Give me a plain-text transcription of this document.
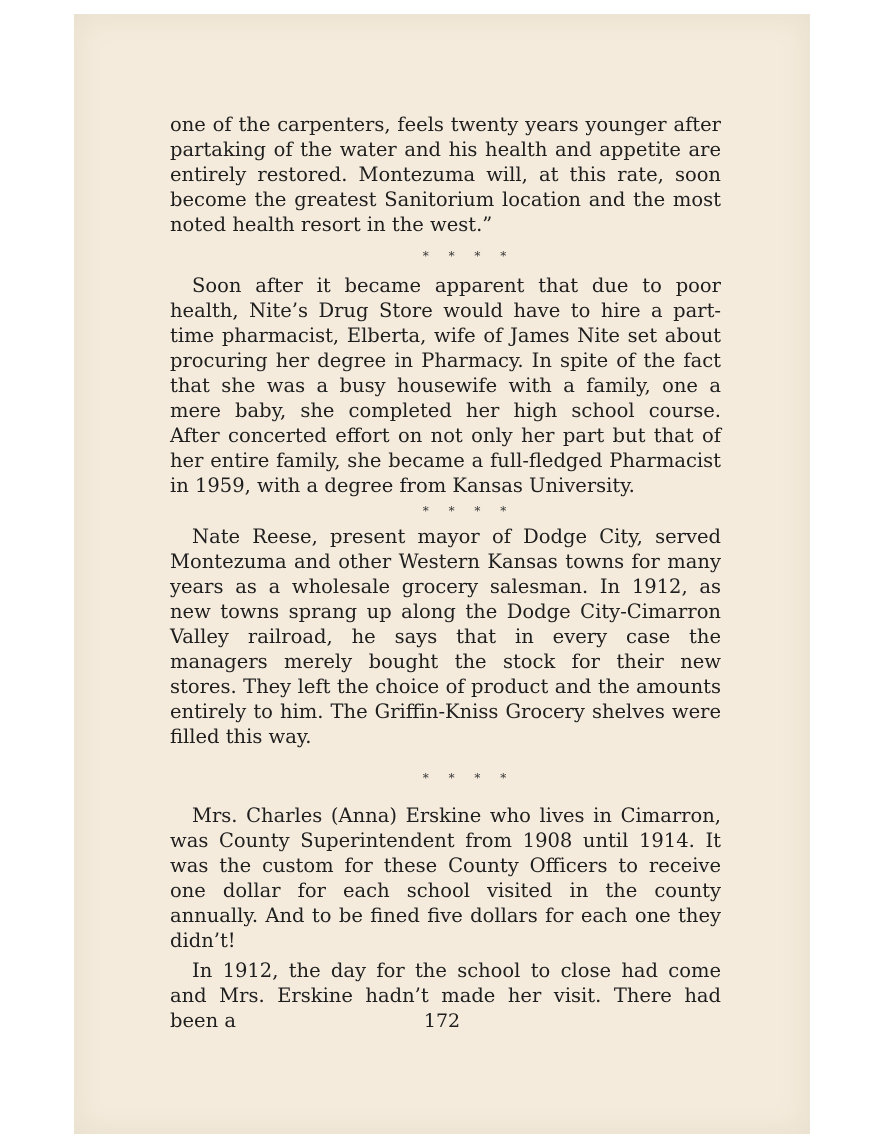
one of the carpenters, feels twenty years younger after partaking of the water and his health and appetite are entirely restored. Montezuma will, at this rate, soon become the greatest Sanitorium location and the most noted health resort in the west.”

* * * *

Soon after it became apparent that due to poor health, Nite’s Drug Store would have to hire a part-time pharmacist, Elberta, wife of James Nite set about procuring her degree in Pharmacy. In spite of the fact that she was a busy housewife with a family, one a mere baby, she completed her high school course. After concerted effort on not only her part but that of her entire family, she became a full-fledged Pharmacist in 1959, with a degree from Kansas University.

* * * *

Nate Reese, present mayor of Dodge City, served Montezuma and other Western Kansas towns for many years as a wholesale grocery salesman. In 1912, as new towns sprang up along the Dodge City-Cimarron Valley railroad, he says that in every case the managers merely bought the stock for their new stores. They left the choice of product and the amounts entirely to him. The Griffin-Kniss Grocery shelves were filled this way.

* * * *

Mrs. Charles (Anna) Erskine who lives in Cimarron, was County Superintendent from 1908 until 1914. It was the custom for these County Officers to receive one dollar for each school visited in the county annually. And to be fined five dollars for each one they didn’t!

In 1912, the day for the school to close had come and Mrs. Erskine hadn’t made her visit. There had been a	172
